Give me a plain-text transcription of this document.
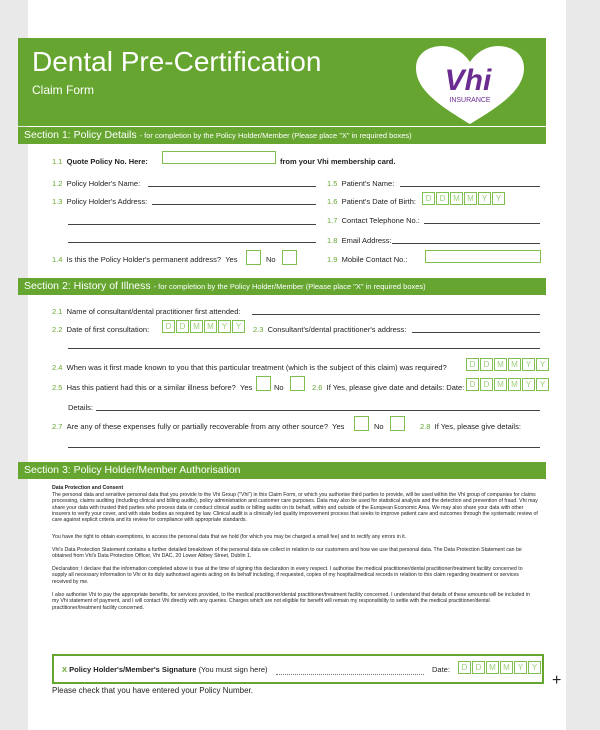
Dental Pre-Certification
Claim Form	Vhi
INSURANCE
Section 1: Policy Details - for completion by the Policy Holder/Member (Please place "X" in required boxes)
1.1 Quote Policy No. Here:	from your Vhi membership card.
1.2 Policy Holder's Name:
1.3 Policy Holder's Address:
1.4 Is this the Policy Holder's permanent address? Yes	No
1.5 Patient's Name:
1.6 Patient's Date of Birth:	D	D M M	Y	Y
1.7 Contact Telephone No.:
1.8 Email Address:
1.9 Mobile Contact No.:
Section 2: History of Illness - for completion by the Policy Holder/Member (Please place "X" in required boxes)
2.1 Name of consultant/dental practitioner first attended:
2.2 Date of first consultation:	D	D M M	Y	Y	2.3 Consultant's/dental practitioner's address:
2.4 When was it first made known to you that this particular treatment (which is the subject of this claim) was required?	D	D M M	Y	Y
2.5 Has this patient had this or a similar illness before? Yes	No	2.6 If Yes, please give date and details: Date: D	D M M	Y	Y
Details:
2.7 Are any of these expenses fully or partially recoverable from any other source? Yes	No	2.8 If Yes, please give details:
Section 3: Policy Holder/Member Authorisation
Data Protection and Consent
The personal data and sensitive personal data that you provide to the Vhi Group ("Vhi") in this Claim Form, or which you authorise third parties to provide, will be used within the Vhi group of companies for claims processing, claims auditing (including clinical and billing audits), policy administration and customer care purposes. Data may also be used for statistical analysis and the detection and prevention of fraud. Vhi may share your data with trusted third parties who process data or conduct clinical audits or billing audits on its behalf, within and outside of the European Economic Area. We may also share your data with other insurers to verify your cover, and with state bodies as required by law. Clinical audit is a clinically led quality improvement process that seeks to improve patient care and outcomes through the systematic review of care against explicit criteria and its review for compliance with appropriate standards.
You have the right to obtain exemptions, to access the personal data that we hold (for which you may be charged a small fee) and to rectify any errors in it.
Vhi's Data Protection Statement contains a further detailed breakdown of the personal data we collect in relation to our customers and how we use that personal data. The Data Protection Statement can be obtained from Vhi's Data Protection Officer, Vhi DAC, 20 Lower Abbey Street, Dublin 1.
Declaration: I declare that the information completed above is true at the time of signing this declaration in every respect. I authorise the medical practitioner/dental practitioner/treatment facility concerned to supply all necessary information to Vhi or its duly authorised agents acting on its behalf including, if requested, copies of my hospital/medical records in relation to this claim regarding treatment or services received by me.
I also authorise Vhi to pay the appropriate benefits, for services provided, to the medical practitioner/dental practitioner/treatment facility concerned. I understand that details of these amounts will be included in my Vhi statement of payment, and I will contact Vhi directly with any queries. Charges which are not eligible for benefit will remain my responsibility to settle with the medical practitioner/dental practitioner/treatment facility concerned.
X Policy Holder's/Member's Signature (You must sign here)	Date:	D	D M M	Y	Y
Please check that you have entered your Policy Number.
+
